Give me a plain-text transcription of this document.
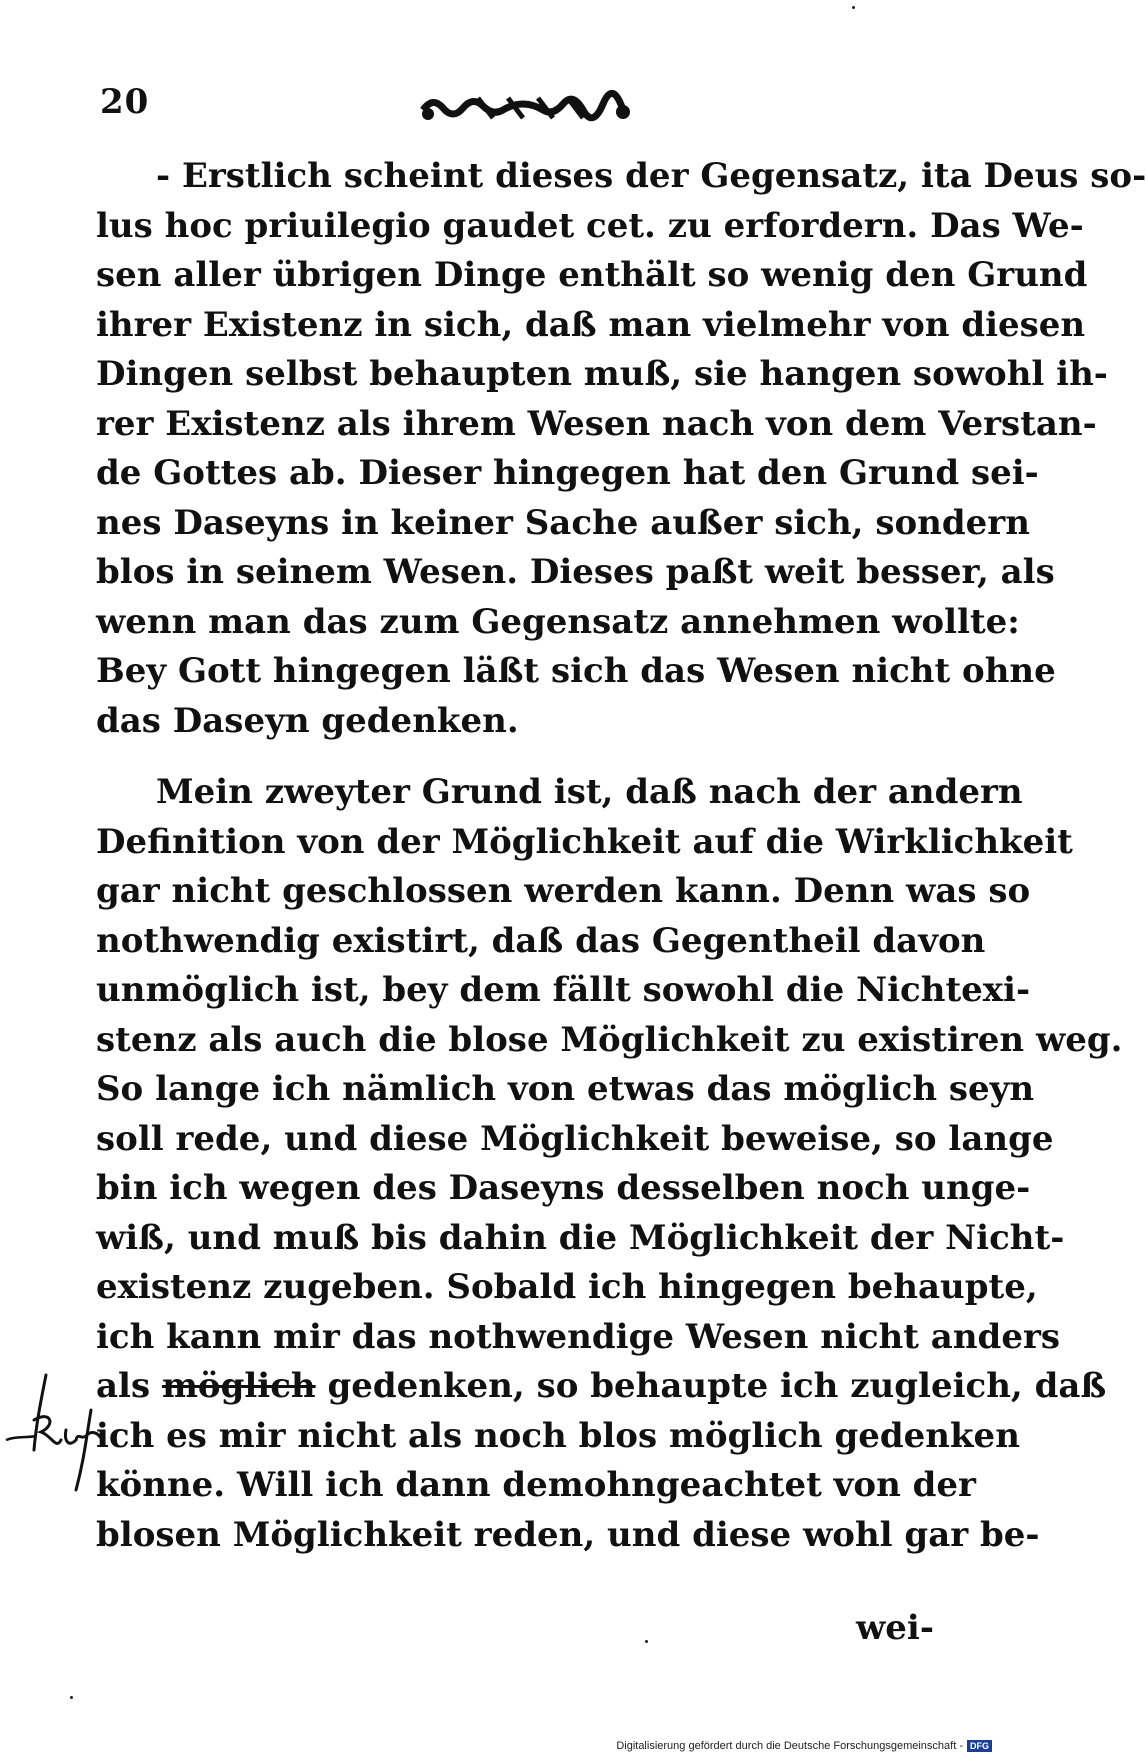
20
- Erstlich scheint dieses der Gegensatz, ita Deus so-
lus hoc priuilegio gaudet cet. zu erfordern. Das We-
sen aller übrigen Dinge enthält so wenig den Grund
ihrer Existenz in sich, daß man vielmehr von diesen
Dingen selbst behaupten muß, sie hangen sowohl ih-
rer Existenz als ihrem Wesen nach von dem Verstan-
de Gottes ab. Dieser hingegen hat den Grund sei-
nes Daseyns in keiner Sache außer sich, sondern
blos in seinem Wesen. Dieses paßt weit besser, als
wenn man das zum Gegensatz annehmen wollte:
Bey Gott hingegen läßt sich das Wesen nicht ohne
das Daseyn gedenken.
Mein zweyter Grund ist, daß nach der andern
Definition von der Möglichkeit auf die Wirklichkeit
gar nicht geschlossen werden kann. Denn was so
nothwendig existirt, daß das Gegentheil davon
unmöglich ist, bey dem fällt sowohl die Nichtexi-
stenz als auch die blose Möglichkeit zu existiren weg.
So lange ich nämlich von etwas das möglich seyn
soll rede, und diese Möglichkeit beweise, so lange
bin ich wegen des Daseyns desselben noch unge-
wiß, und muß bis dahin die Möglichkeit der Nicht-
existenz zugeben. Sobald ich hingegen behaupte,
ich kann mir das nothwendige Wesen nicht anders
als möglich gedenken, so behaupte ich zugleich, daß
ich es mir nicht als noch blos möglich gedenken
könne. Will ich dann demohngeachtet von der
blosen Möglichkeit reden, und diese wohl gar be-
wei-
Digitalisierung gefördert durch die Deutsche Forschungsgemeinschaft - DFG
